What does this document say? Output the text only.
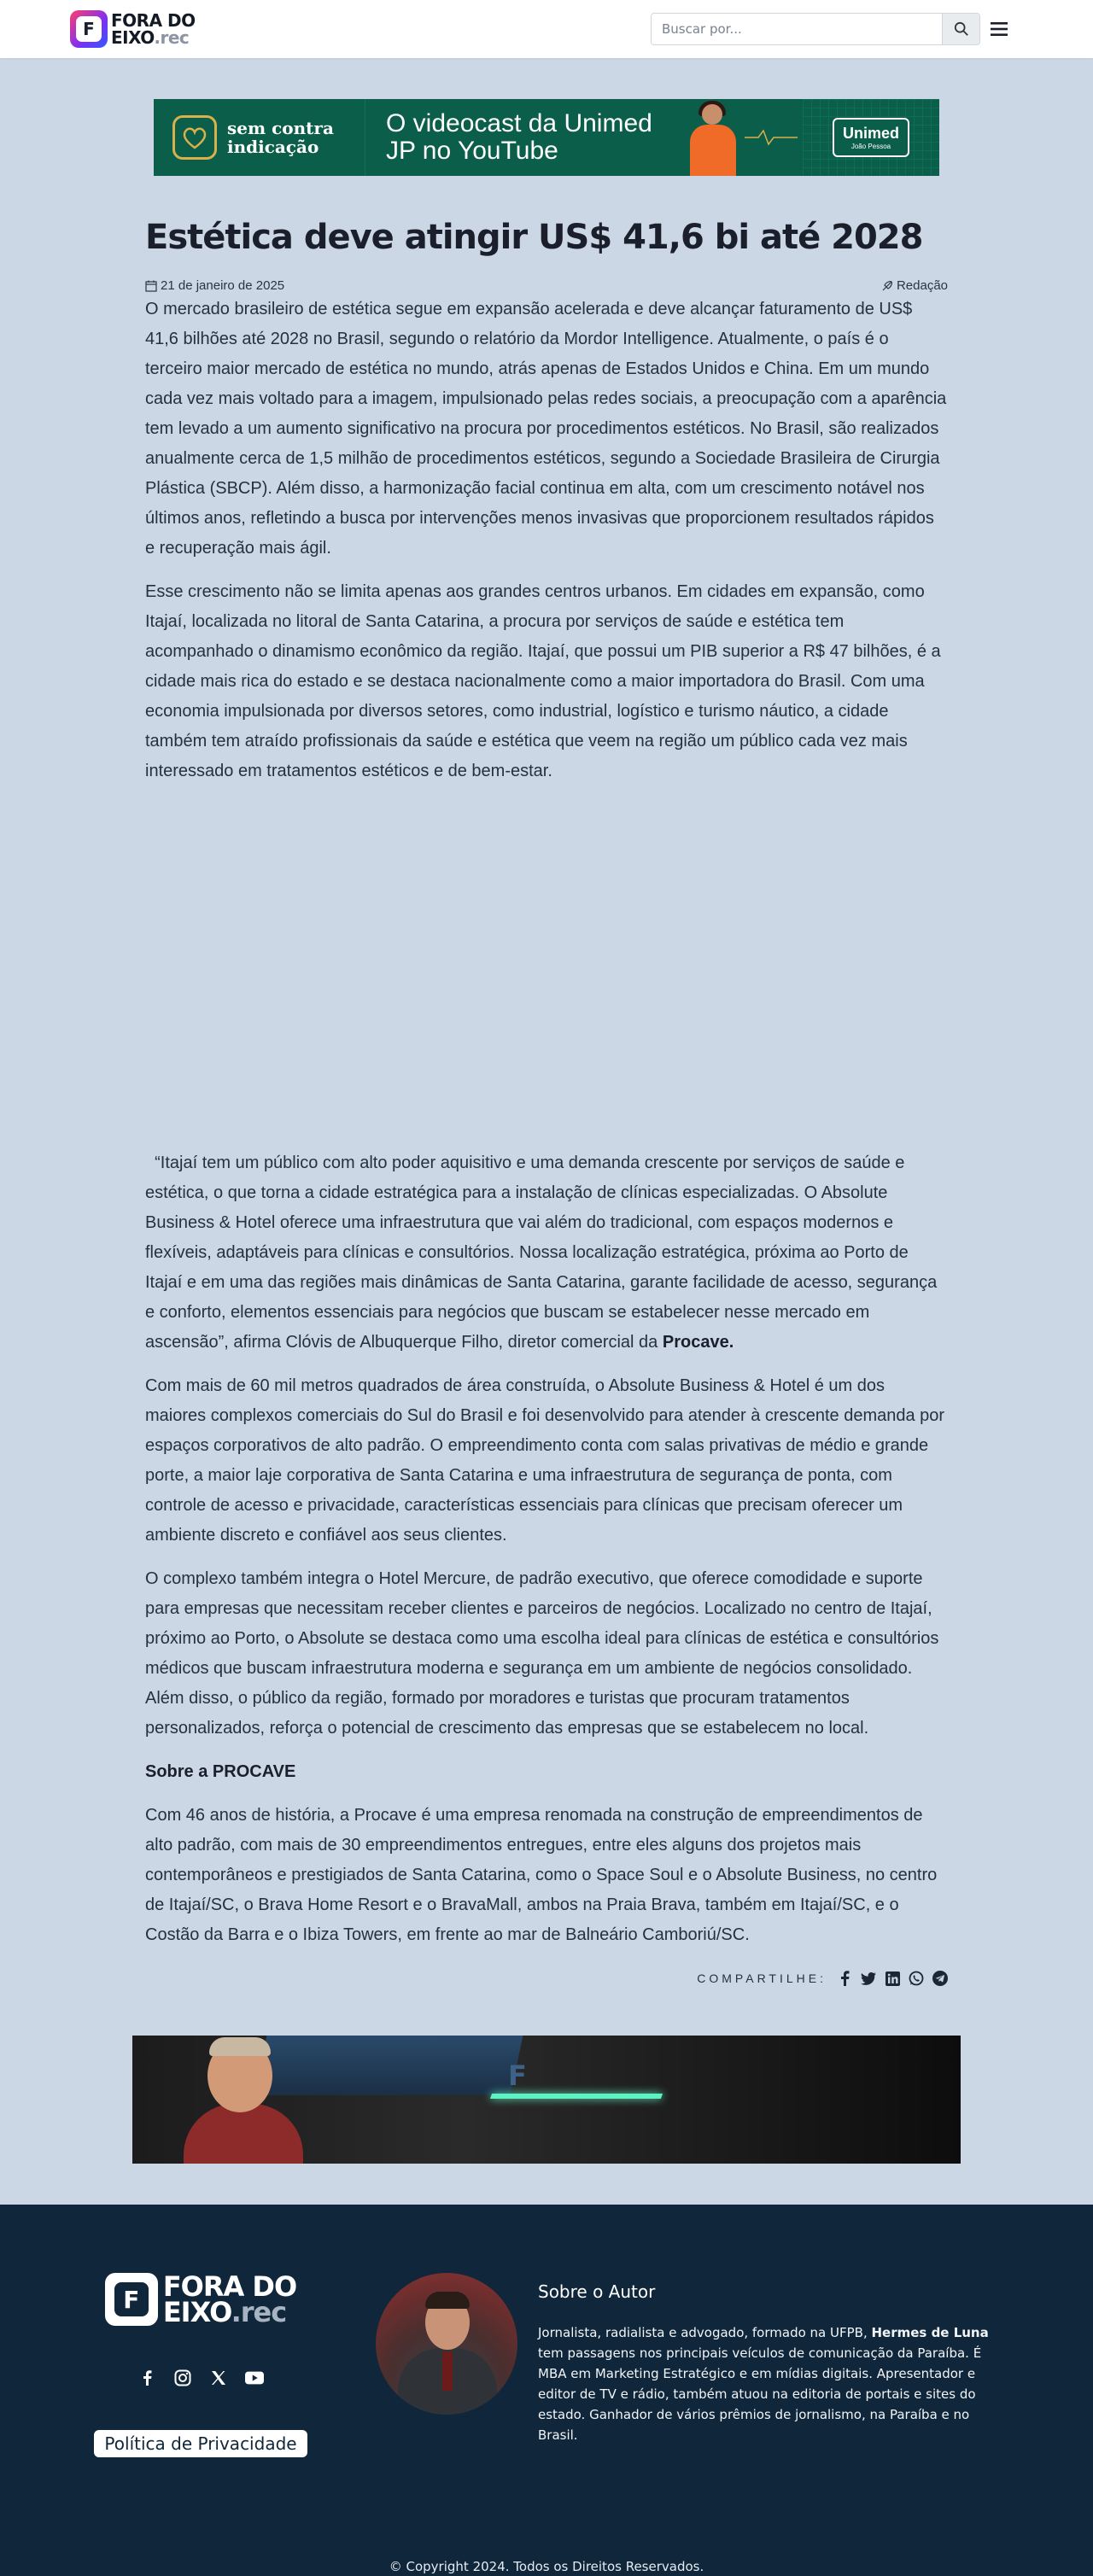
F FORA DO
EIXO.rec
Buscar por...
sem contra indicação
O videocast da Unimed JP no YouTube
Unimed
João Pessoa
Estética deve atingir US$ 41,6 bi até 2028
21 de janeiro de 2025	Redação

O mercado brasileiro de estética segue em expansão acelerada e deve alcançar faturamento de US$ 41,6 bilhões até 2028 no Brasil, segundo o relatório da Mordor Intelligence. Atualmente, o país é o terceiro maior mercado de estética no mundo, atrás apenas de Estados Unidos e China. Em um mundo cada vez mais voltado para a imagem, impulsionado pelas redes sociais, a preocupação com a aparência tem levado a um aumento significativo na procura por procedimentos estéticos. No Brasil, são realizados anualmente cerca de 1,5 milhão de procedimentos estéticos, segundo a Sociedade Brasileira de Cirurgia Plástica (SBCP). Além disso, a harmonização facial continua em alta, com um crescimento notável nos últimos anos, refletindo a busca por intervenções menos invasivas que proporcionem resultados rápidos e recuperação mais ágil.

Esse crescimento não se limita apenas aos grandes centros urbanos. Em cidades em expansão, como Itajaí, localizada no litoral de Santa Catarina, a procura por serviços de saúde e estética tem acompanhado o dinamismo econômico da região. Itajaí, que possui um PIB superior a R$ 47 bilhões, é a cidade mais rica do estado e se destaca nacionalmente como a maior importadora do Brasil. Com uma economia impulsionada por diversos setores, como industrial, logístico e turismo náutico, a cidade também tem atraído profissionais da saúde e estética que veem na região um público cada vez mais interessado em tratamentos estéticos e de bem-estar.

“Itajaí tem um público com alto poder aquisitivo e uma demanda crescente por serviços de saúde e estética, o que torna a cidade estratégica para a instalação de clínicas especializadas. O Absolute Business & Hotel oferece uma infraestrutura que vai além do tradicional, com espaços modernos e flexíveis, adaptáveis para clínicas e consultórios. Nossa localização estratégica, próxima ao Porto de Itajaí e em uma das regiões mais dinâmicas de Santa Catarina, garante facilidade de acesso, segurança e conforto, elementos essenciais para negócios que buscam se estabelecer nesse mercado em ascensão”, afirma Clóvis de Albuquerque Filho, diretor comercial da Procave.

Com mais de 60 mil metros quadrados de área construída, o Absolute Business & Hotel é um dos maiores complexos comerciais do Sul do Brasil e foi desenvolvido para atender à crescente demanda por espaços corporativos de alto padrão. O empreendimento conta com salas privativas de médio e grande porte, a maior laje corporativa de Santa Catarina e uma infraestrutura de segurança de ponta, com controle de acesso e privacidade, características essenciais para clínicas que precisam oferecer um ambiente discreto e confiável aos seus clientes.

O complexo também integra o Hotel Mercure, de padrão executivo, que oferece comodidade e suporte para empresas que necessitam receber clientes e parceiros de negócios. Localizado no centro de Itajaí, próximo ao Porto, o Absolute se destaca como uma escolha ideal para clínicas de estética e consultórios médicos que buscam infraestrutura moderna e segurança em um ambiente de negócios consolidado. Além disso, o público da região, formado por moradores e turistas que procuram tratamentos personalizados, reforça o potencial de crescimento das empresas que se estabelecem no local.

Sobre a PROCAVE

Com 46 anos de história, a Procave é uma empresa renomada na construção de empreendimentos de alto padrão, com mais de 30 empreendimentos entregues, entre eles alguns dos projetos mais contemporâneos e prestigiados de Santa Catarina, como o Space Soul e o Absolute Business, no centro de Itajaí/SC, o Brava Home Resort e o BravaMall, ambos na Praia Brava, também em Itajaí/SC, e o Costão da Barra e o Ibiza Towers, em frente ao mar de Balneário Camboriú/SC.

COMPARTILHE:
F
F FORA DO
EIXO.rec
Política de Privacidade
Sobre o Autor

Jornalista, radialista e advogado, formado na UFPB, Hermes de Luna tem passagens nos principais veículos de comunicação da Paraíba. É MBA em Marketing Estratégico e em mídias digitais. Apresentador e editor de TV e rádio, também atuou na editoria de portais e sites do estado. Ganhador de vários prêmios de jornalismo, na Paraíba e no Brasil.

© Copyright 2024. Todos os Direitos Reservados.
